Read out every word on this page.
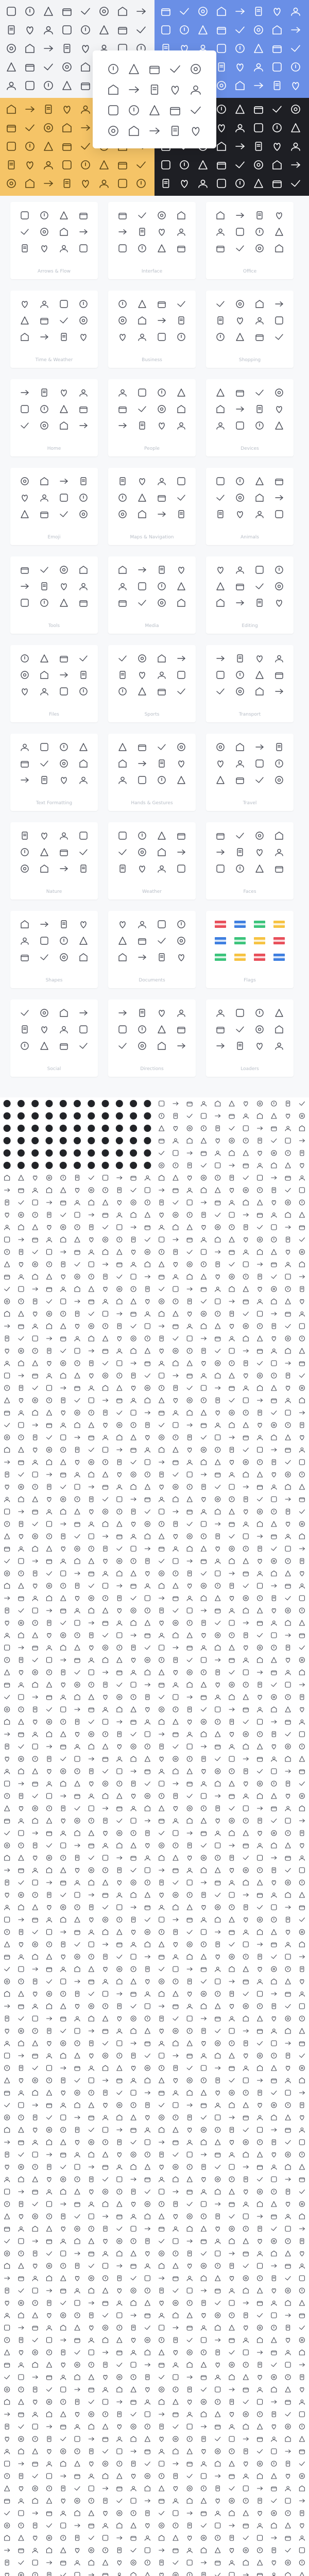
Arrows & Flow	Interface	Office
Time & Weather	Business	Shopping
Home	People	Devices
Emoji	Maps & Navigation	Animals
Tools	Media	Editing
Files	Sports	Transport
Text Formatting	Hands & Gestures	Travel
Nature	Weather	Faces
Shapes	Documents	Flags
Social	Directions	Loaders
